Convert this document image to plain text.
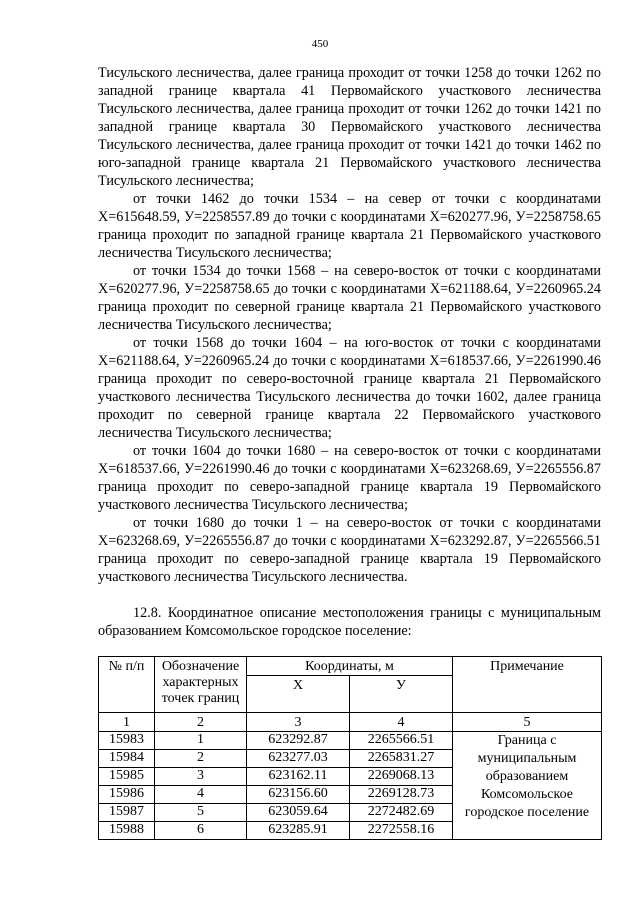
450

Тисульского лесничества, далее граница проходит от точки 1258 до точки 1262 по западной границе квартала 41 Первомайского участкового лесничества Тисульского лесничества, далее граница проходит от точки 1262 до точки 1421 по западной границе квартала 30 Первомайского участкового лесничества Тисульского лесничества, далее граница проходит от точки 1421 до точки 1462 по юго-западной границе квартала 21 Первомайского участкового лесничества Тисульского лесничества;

от точки 1462 до точки 1534 – на север от точки с координатами X=615648.59, У=2258557.89 до точки с координатами X=620277.96, У=2258758.65 граница проходит по западной границе квартала 21 Первомайского участкового лесничества Тисульского лесничества;

от точки 1534 до точки 1568 – на северо-восток от точки с координатами X=620277.96, У=2258758.65 до точки с координатами X=621188.64, У=2260965.24 граница проходит по северной границе квартала 21 Первомайского участкового лесничества Тисульского лесничества;

от точки 1568 до точки 1604 – на юго-восток от точки с координатами X=621188.64, У=2260965.24 до точки с координатами X=618537.66, У=2261990.46 граница проходит по северо-восточной границе квартала 21 Первомайского участкового лесничества Тисульского лесничества до точки 1602, далее граница проходит по северной границе квартала 22 Первомайского участкового лесничества Тисульского лесничества;

от точки 1604 до точки 1680 – на северо-восток от точки с координатами X=618537.66, У=2261990.46 до точки с координатами X=623268.69, У=2265556.87 граница проходит по северо-западной границе квартала 19 Первомайского участкового лесничества Тисульского лесничества;

от точки 1680 до точки 1 – на северо-восток от точки с координатами X=623268.69, У=2265556.87 до точки с координатами X=623292.87, У=2265566.51 граница проходит по северо-западной границе квартала 19 Первомайского участкового лесничества Тисульского лесничества.

12.8. Координатное описание местоположения границы с муниципальным образованием Комсомольское городское поселение:

№ п/п	Обозначение характерных точек границ	Координаты, м		Примечание
		X	У	
1	2	3	4	5
15983	1	623292.87	2265566.51	Граница с муниципальным образованием Комсомольское городское поселение
15984	2	623277.03	2265831.27	
15985	3	623162.11	2269068.13	
15986	4	623156.60	2269128.73	
15987	5	623059.64	2272482.69	
15988	6	623285.91	2272558.16	
